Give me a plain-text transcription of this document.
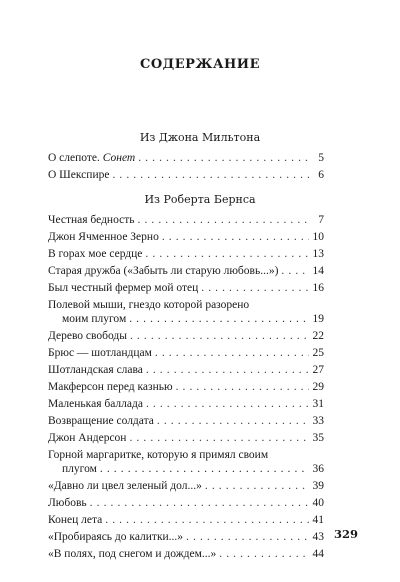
СОДЕРЖАНИЕ
Из Джона Мильтона
О слепоте. Сонет . . .	5
О Шекспире . . .	6
Из Роберта Бернса
Честная бедность . . .	7
Джон Ячменное Зерно . . .	10
В горах мое сердце . . .	13
Старая дружба («Забыть ли старую любовь...») . . .	14
Был честный фермер мой отец . . .	16
Полевой мыши, гнездо которой разорено
моим плугом . . .	19
Дерево свободы . . .	22
Брюс — шотландцам . . .	25
Шотландская слава . . .	27
Макферсон перед казнью . . .	29
Маленькая баллада . . .	31
Возвращение солдата . . .	33
Джон Андерсон . . .	35
Горной маргаритке, которую я примял своим
плугом . . .	36
«Давно ли цвел зеленый дол...» . . .	39
Любовь . . .	40
Конец лета . . .	41
«Пробираясь до калитки...» . . .	43
«В полях, под снегом и дождем...» . . .	44
329
